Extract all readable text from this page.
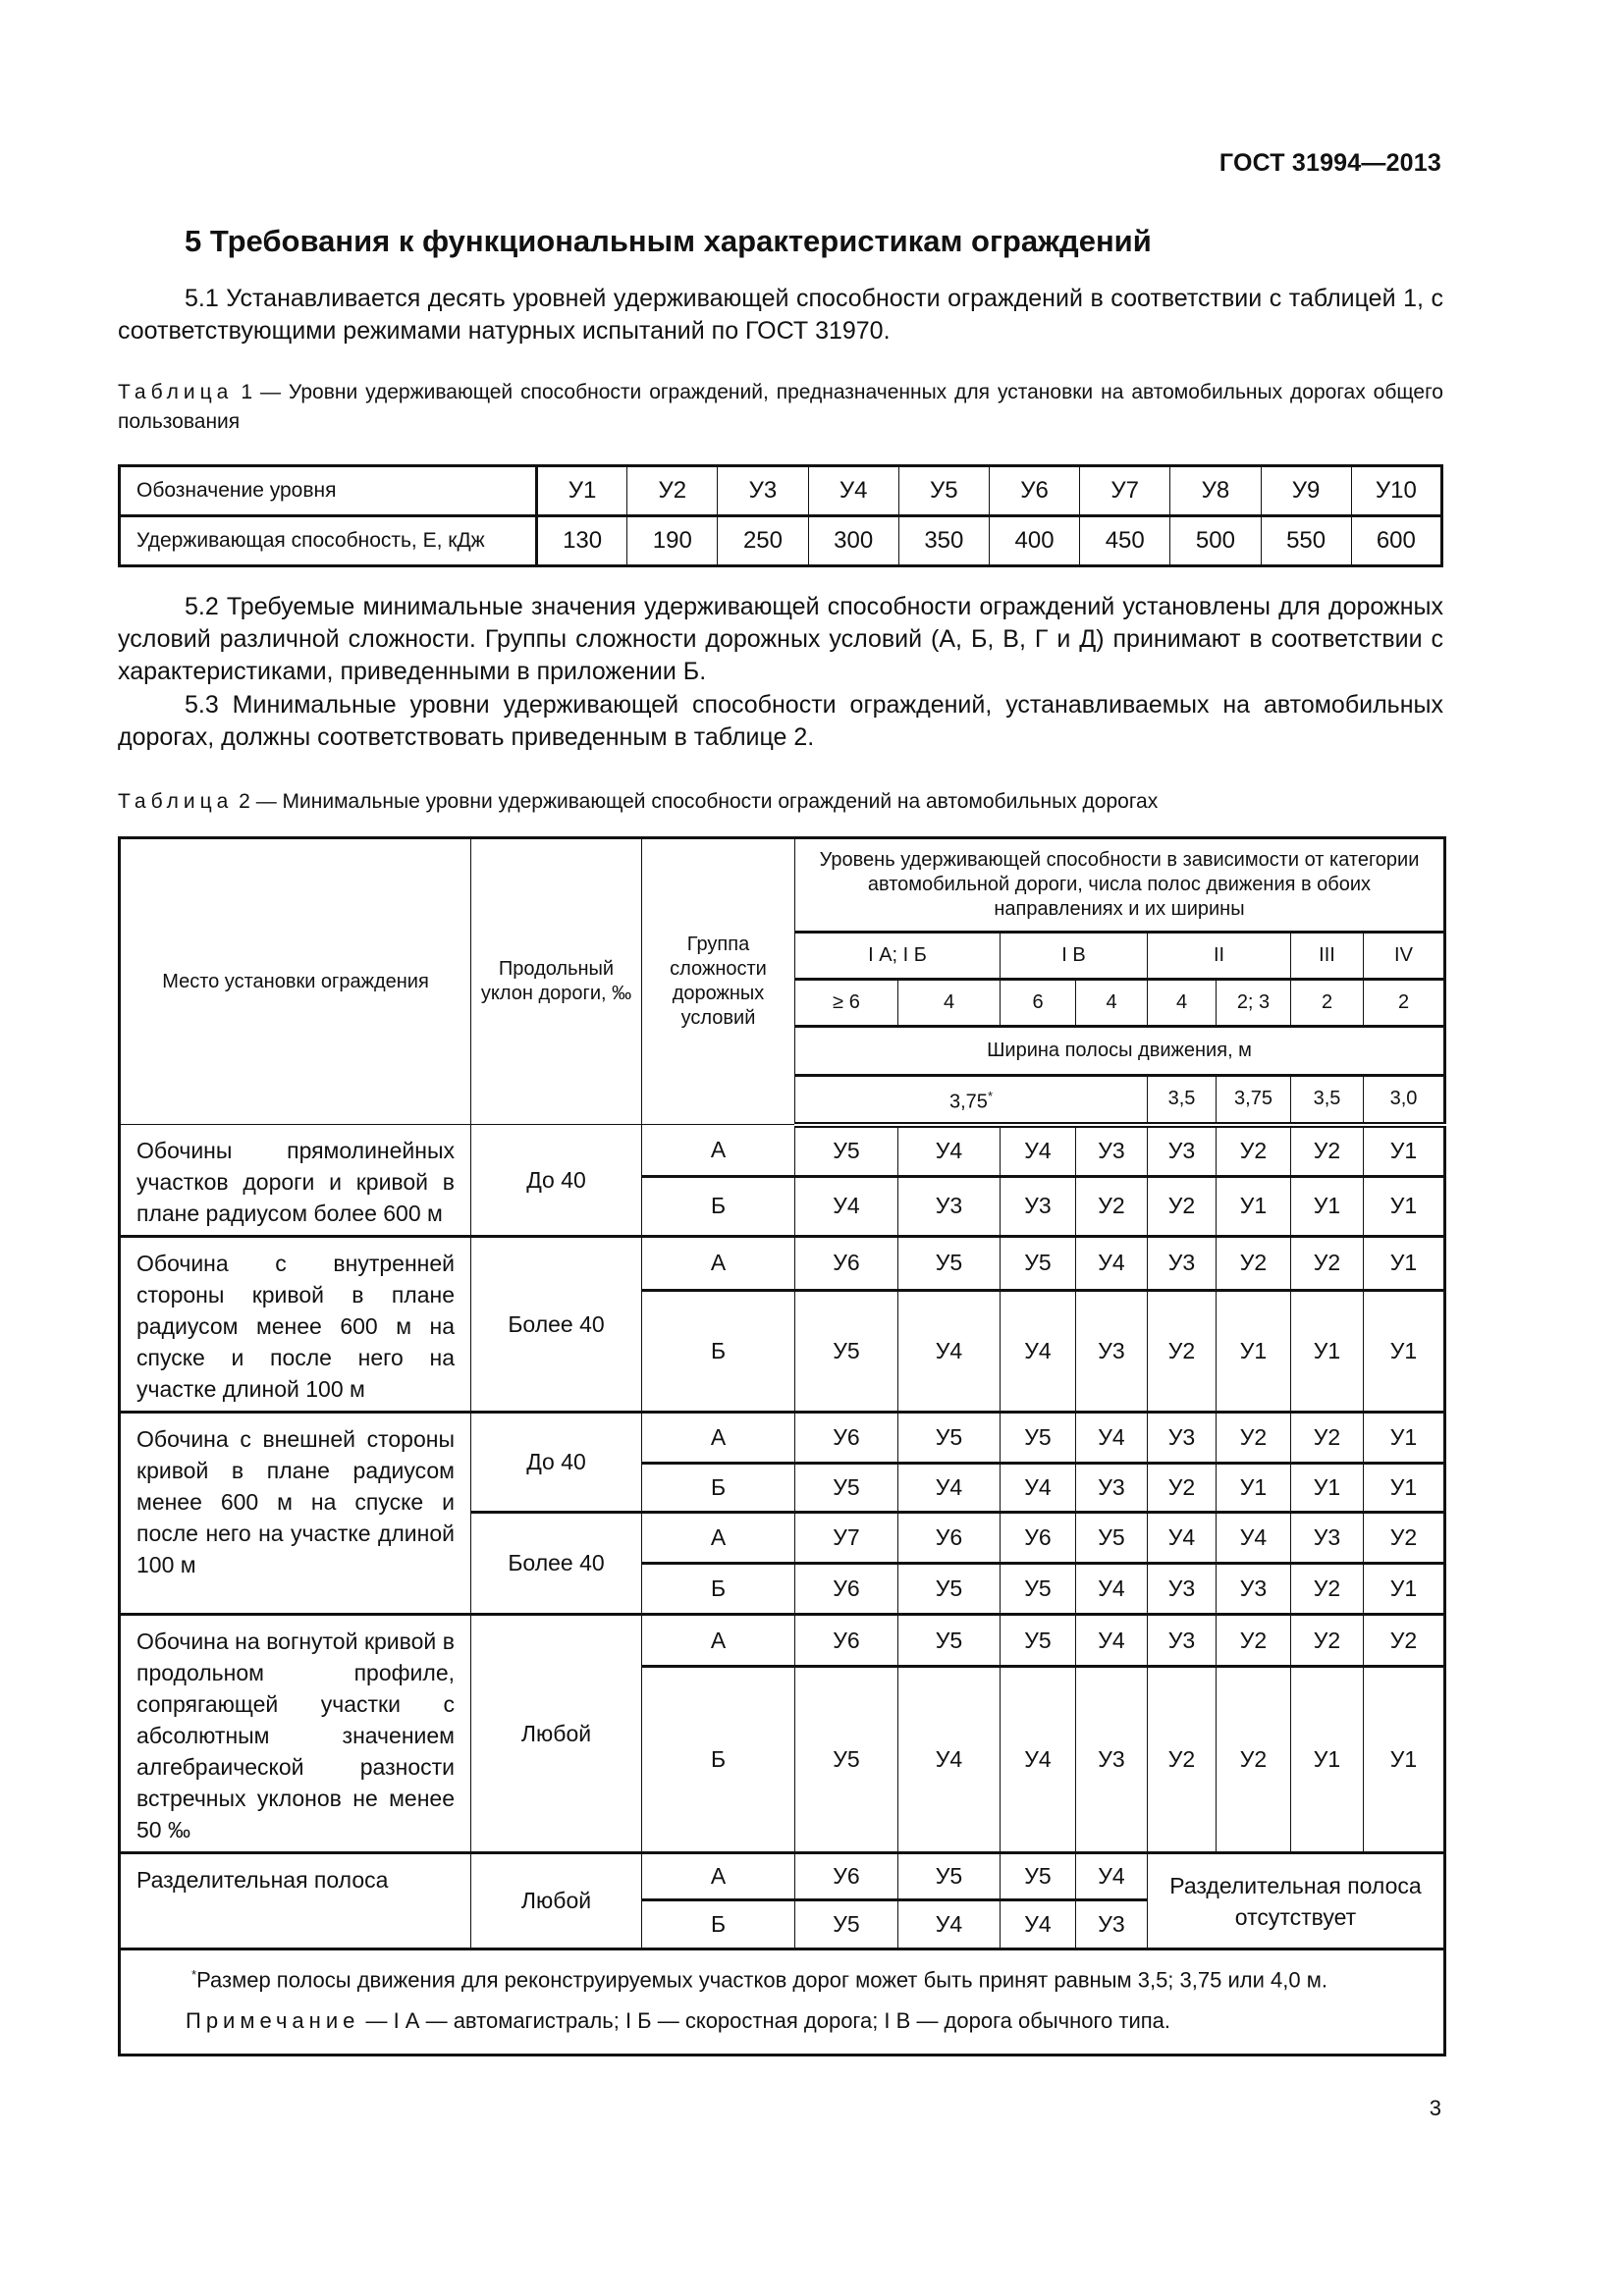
ГОСТ 31994—2013
5 Требования к функциональным характеристикам ограждений
5.1 Устанавливается десять уровней удерживающей способности ограждений в соответствии с таблицей 1, с соответствующими режимами натурных испытаний по ГОСТ 31970.
Таблица 1 — Уровни удерживающей способности ограждений, предназначенных для установки на автомобильных дорогах общего пользования
Обозначение уровня	У1	У2	У3	У4	У5	У6	У7	У8	У9	У10
Удерживающая способность, Е, кДж	130	190	250	300	350	400	450	500	550	600
5.2 Требуемые минимальные значения удерживающей способности ограждений установлены для дорожных условий различной сложности. Группы сложности дорожных условий (А, Б, В, Г и Д) принимают в соответствии с характеристиками, приведенными в приложении Б.
5.3 Минимальные уровни удерживающей способности ограждений, устанавливаемых на автомобильных дорогах, должны соответствовать приведенным в таблице 2.
Таблица 2 — Минимальные уровни удерживающей способности ограждений на автомобильных дорогах
Место установки ограждения	Продольный уклон дороги, ‰	Группа сложности дорожных условий	Уровень удерживающей способности в зависимости от категории автомобильной дороги, числа полос движения в обоих направлениях и их ширины							
			I А; I Б		I В		II		III	IV
			≥ 6	4	6	4	4	2; 3	2	2
			Ширина полосы движения, м							
			3,75*				3,5	3,75	3,5	3,0
Обочины прямолинейных участков дороги и кривой в плане радиусом более 600 м	До 40	А	У5	У4	У4	У3	У3	У2	У2	У1
		Б	У4	У3	У3	У2	У2	У1	У1	У1
Обочина с внутренней стороны кривой в плане радиусом менее 600 м на спуске и после него на участке длиной 100 м	Более 40	А	У6	У5	У5	У4	У3	У2	У2	У1
		Б	У5	У4	У4	У3	У2	У1	У1	У1
Обочина с внешней стороны кривой в плане радиусом менее 600 м на спуске и после него на участке длиной 100 м	До 40	А	У6	У5	У5	У4	У3	У2	У2	У1
		Б	У5	У4	У4	У3	У2	У1	У1	У1
	Более 40	А	У7	У6	У6	У5	У4	У4	У3	У2
		Б	У6	У5	У5	У4	У3	У3	У2	У1
Обочина на вогнутой кривой в продольном профиле, сопрягающей участки с абсолютным значением алгебраической разности встречных уклонов не менее 50 ‰	Любой	А	У6	У5	У5	У4	У3	У2	У2	У2
		Б	У5	У4	У4	У3	У2	У2	У1	У1
Разделительная полоса	Любой	А	У6	У5	У5	У4	Разделительная полоса отсутствует			
		Б	У5	У4	У4	У3				

*Размер полосы движения для реконструируемых участков дорог может быть принят равным 3,5; 3,75 или 4,0 м.

Примечание — I А — автомагистраль; I Б — скоростная дорога; I В — дорога обычного типа.										

3
